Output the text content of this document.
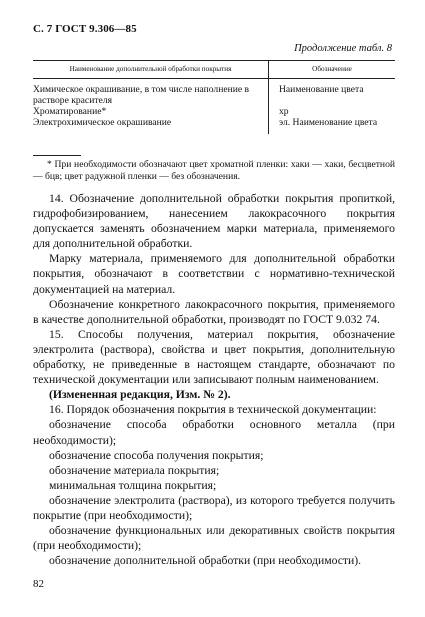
С. 7 ГОСТ 9.306—85
Продолжение табл. 8
Наименование дополнительной обработки покрытия	Обозначение
Химическое окрашивание, в том числе наполнение в растворе красителя	Наименование цвета
Хроматирование*	хр
Электрохимическое окрашивание	эл. Наименование цвета
* При необходимости обозначают цвет хроматной пленки: хаки — хаки, бесцветной — бцв; цвет радужной пленки — без обозначения.

14. Обозначение дополнительной обработки покрытия пропиткой, гидрофобизированием, нанесением лакокрасочного покрытия допускается заменять обозначением марки материала, применяемого для дополнительной обработки.

Марку материала, применяемого для дополнительной обработки покрытия, обозначают в соответствии с нормативно-технической документацией на материал.

Обозначение конкретного лакокрасочного покрытия, применяемого в качестве дополнительной обработки, производят по ГОСТ 9.032 74.

15. Способы получения, материал покрытия, обозначение электролита (раствора), свойства и цвет покрытия, дополнительную обработку, не приведенные в настоящем стандарте, обозначают по технической документации или записывают полным наименованием.

(Измененная редакция, Изм. № 2).

16. Порядок обозначения покрытия в технической документации:

обозначение способа обработки основного металла (при необходимости);

обозначение способа получения покрытия;

обозначение материала покрытия;

минимальная толщина покрытия;

обозначение электролита (раствора), из которого требуется получить покрытие (при необходимости);

обозначение функциональных или декоративных свойств покрытия (при необходимости);

обозначение дополнительной обработки (при необходимости).

82
